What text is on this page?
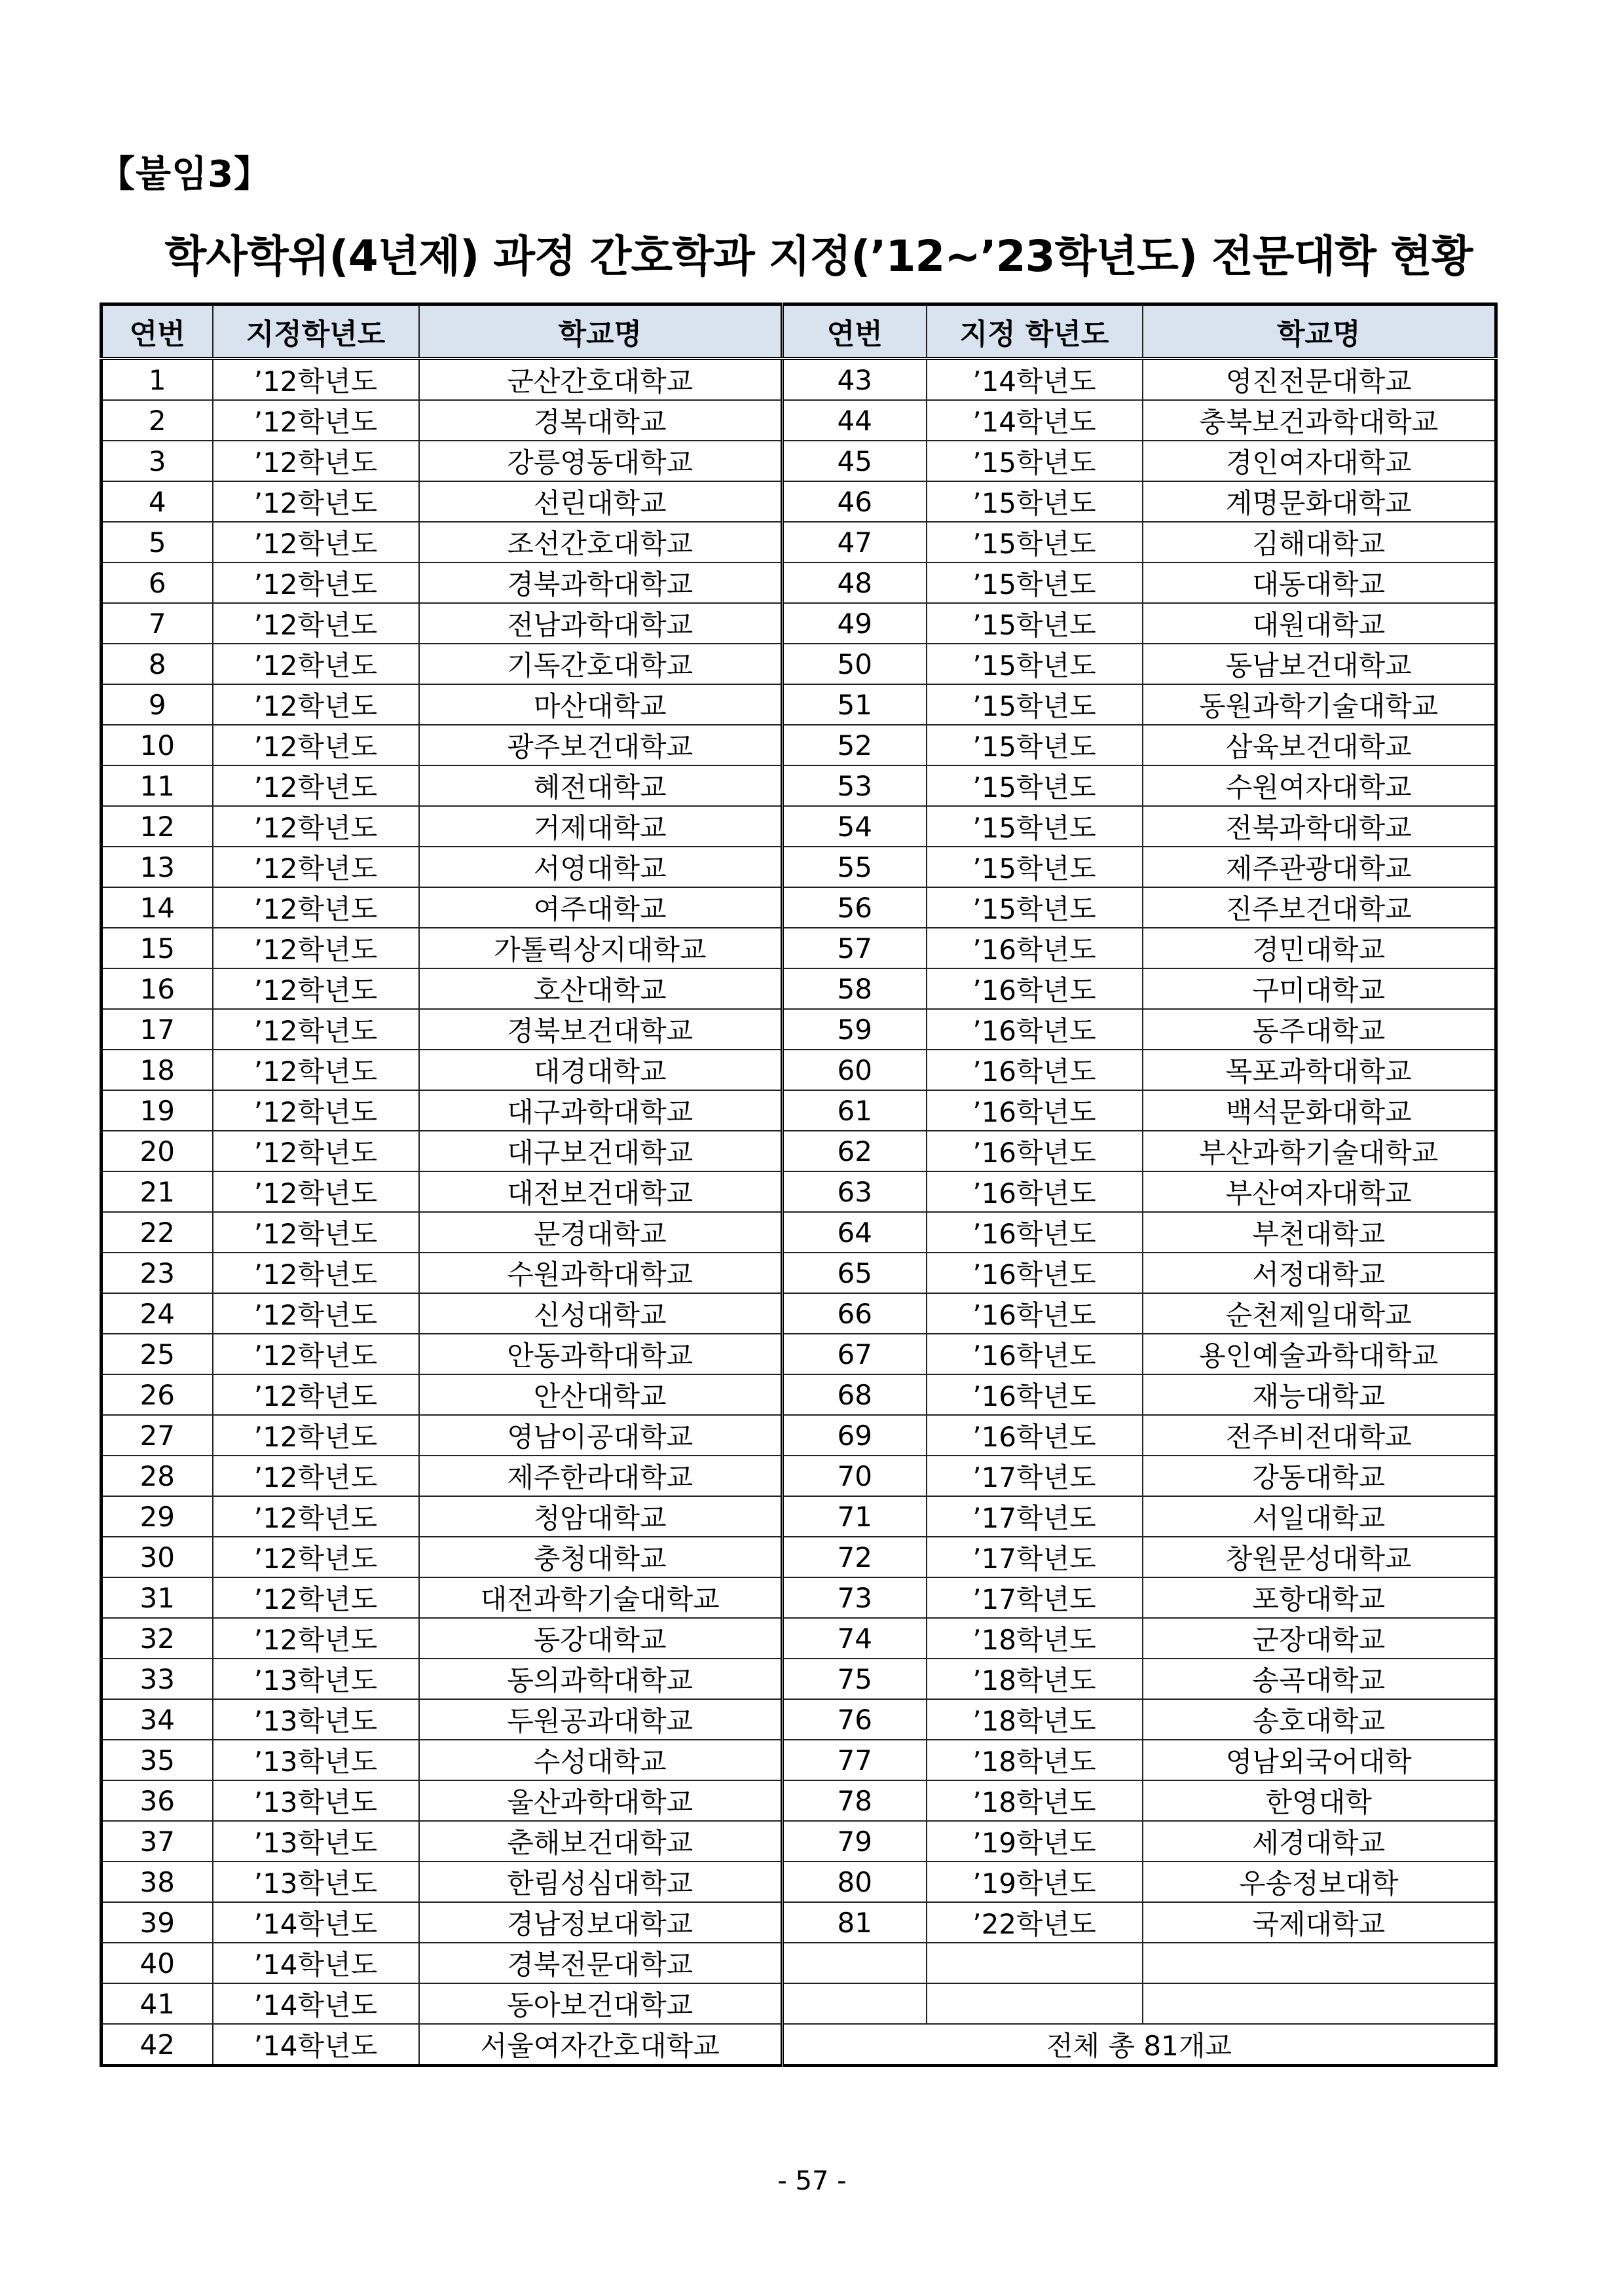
【붙임3】
학사학위(4년제) 과정 간호학과 지정(’12~’23학년도) 전문대학 현황
연번	지정학년도	학교명	연번	지정 학년도	학교명
1	’12학년도	군산간호대학교	43	’14학년도	영진전문대학교
2	’12학년도	경복대학교	44	’14학년도	충북보건과학대학교
3	’12학년도	강릉영동대학교	45	’15학년도	경인여자대학교
4	’12학년도	선린대학교	46	’15학년도	계명문화대학교
5	’12학년도	조선간호대학교	47	’15학년도	김해대학교
6	’12학년도	경북과학대학교	48	’15학년도	대동대학교
7	’12학년도	전남과학대학교	49	’15학년도	대원대학교
8	’12학년도	기독간호대학교	50	’15학년도	동남보건대학교
9	’12학년도	마산대학교	51	’15학년도	동원과학기술대학교
10	’12학년도	광주보건대학교	52	’15학년도	삼육보건대학교
11	’12학년도	혜전대학교	53	’15학년도	수원여자대학교
12	’12학년도	거제대학교	54	’15학년도	전북과학대학교
13	’12학년도	서영대학교	55	’15학년도	제주관광대학교
14	’12학년도	여주대학교	56	’15학년도	진주보건대학교
15	’12학년도	가톨릭상지대학교	57	’16학년도	경민대학교
16	’12학년도	호산대학교	58	’16학년도	구미대학교
17	’12학년도	경북보건대학교	59	’16학년도	동주대학교
18	’12학년도	대경대학교	60	’16학년도	목포과학대학교
19	’12학년도	대구과학대학교	61	’16학년도	백석문화대학교
20	’12학년도	대구보건대학교	62	’16학년도	부산과학기술대학교
21	’12학년도	대전보건대학교	63	’16학년도	부산여자대학교
22	’12학년도	문경대학교	64	’16학년도	부천대학교
23	’12학년도	수원과학대학교	65	’16학년도	서정대학교
24	’12학년도	신성대학교	66	’16학년도	순천제일대학교
25	’12학년도	안동과학대학교	67	’16학년도	용인예술과학대학교
26	’12학년도	안산대학교	68	’16학년도	재능대학교
27	’12학년도	영남이공대학교	69	’16학년도	전주비전대학교
28	’12학년도	제주한라대학교	70	’17학년도	강동대학교
29	’12학년도	청암대학교	71	’17학년도	서일대학교
30	’12학년도	충청대학교	72	’17학년도	창원문성대학교
31	’12학년도	대전과학기술대학교	73	’17학년도	포항대학교
32	’12학년도	동강대학교	74	’18학년도	군장대학교
33	’13학년도	동의과학대학교	75	’18학년도	송곡대학교
34	’13학년도	두원공과대학교	76	’18학년도	송호대학교
35	’13학년도	수성대학교	77	’18학년도	영남외국어대학
36	’13학년도	울산과학대학교	78	’18학년도	한영대학
37	’13학년도	춘해보건대학교	79	’19학년도	세경대학교
38	’13학년도	한림성심대학교	80	’19학년도	우송정보대학
39	’14학년도	경남정보대학교	81	’22학년도	국제대학교
40	’14학년도	경북전문대학교			
41	’14학년도	동아보건대학교			
42	’14학년도	서울여자간호대학교	전체 총 81개교		
- 57 -
